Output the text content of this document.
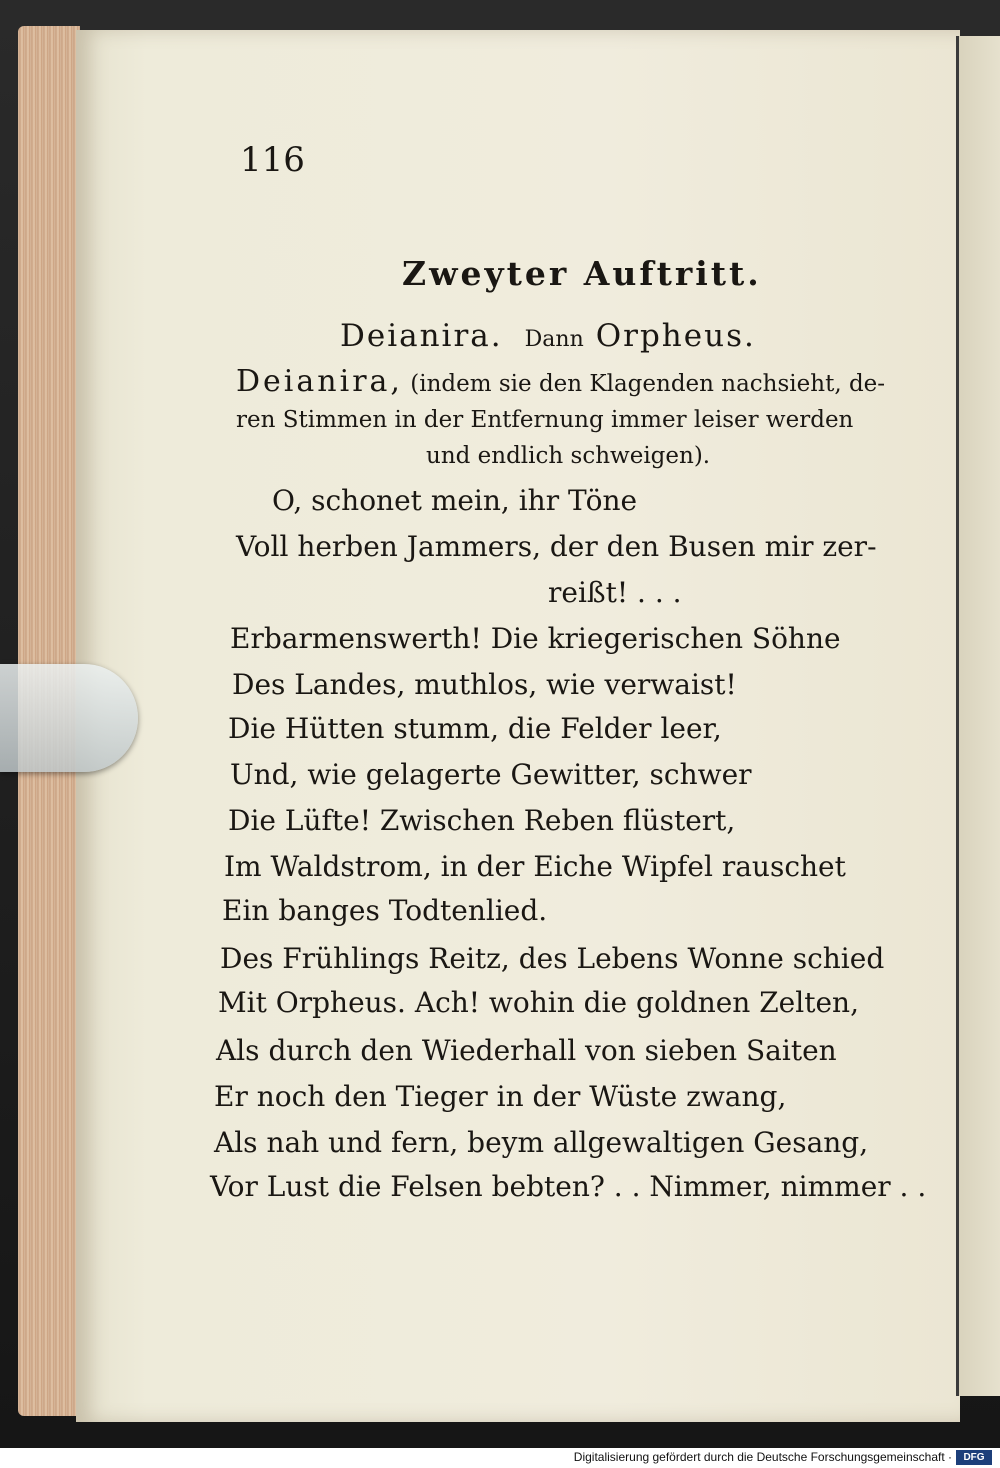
116
Zweyter Auftritt.
Deianira. Dann Orpheus.
Deianira, (indem sie den Klagenden nachsieht, de-
ren Stimmen in der Entfernung immer leiser werden
und endlich schweigen).
O, schonet mein, ihr Töne
Voll herben Jammers, der den Busen mir zer-
reißt! . . .
Erbarmenswerth! Die kriegerischen Söhne
Des Landes, muthlos, wie verwaist!
Die Hütten stumm, die Felder leer,
Und, wie gelagerte Gewitter, schwer
Die Lüfte! Zwischen Reben flüstert,
Im Waldstrom, in der Eiche Wipfel rauschet
Ein banges Todtenlied.
Des Frühlings Reitz, des Lebens Wonne schied
Mit Orpheus. Ach! wohin die goldnen Zelten,
Als durch den Wiederhall von sieben Saiten
Er noch den Tieger in der Wüste zwang,
Als nah und fern, beym allgewaltigen Gesang,
Vor Lust die Felsen bebten? . . Nimmer, nimmer . .
Digitalisierung gefördert durch die Deutsche Forschungsgemeinschaft ·	DFG
